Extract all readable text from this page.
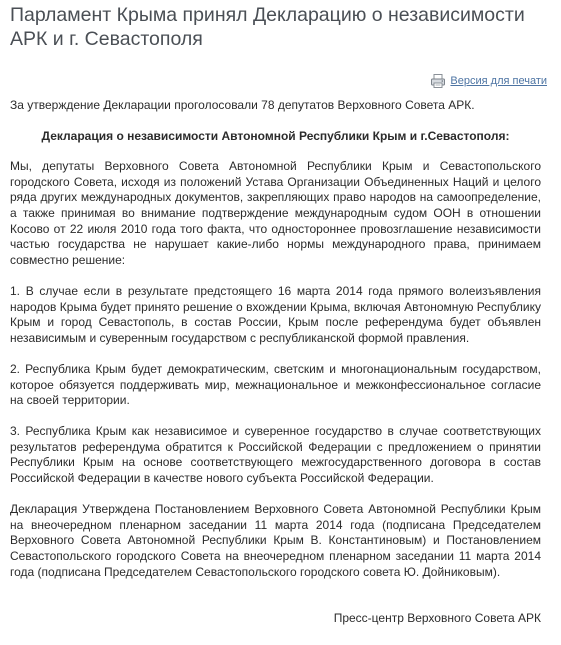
Парламент Крыма принял Декларацию о независимости АРК и г. Севастополя
Версия для печати

За утверждение Декларации проголосовали 78 депутатов Верховного Совета АРК.

Декларация о независимости Автономной Республики Крым и г.Севастополя:

Мы, депутаты Верховного Совета Автономной Республики Крым и Севастопольского городского Совета, исходя из положений Устава Организации Объединенных Наций и целого ряда других международных документов, закрепляющих право народов на самоопределение, а также принимая во внимание подтверждение международным судом ООН в отношении Косово от 22 июля 2010 года того факта, что одностороннее провозглашение независимости частью государства не нарушает какие-либо нормы международного права, принимаем совместно решение:

1. В случае если в результате предстоящего 16 марта 2014 года прямого волеизъявления народов Крыма будет принято решение о вхождении Крыма, включая Автономную Республику Крым и город Севастополь, в состав России, Крым после референдума будет объявлен независимым и суверенным государством с республиканской формой правления.

2. Республика Крым будет демократическим, светским и многонациональным государством, которое обязуется поддерживать мир, межнациональное и межконфессиональное согласие на своей территории.

3. Республика Крым как независимое и суверенное государство в случае соответствующих результатов референдума обратится к Российской Федерации с предложением о принятии Республики Крым на основе соответствующего межгосударственного договора в состав Российской Федерации в качестве нового субъекта Российской Федерации.

Декларация Утверждена Постановлением Верховного Совета Автономной Республики Крым на внеочередном пленарном заседании 11 марта 2014 года (подписана Председателем Верховного Совета Автономной Республики Крым В. Константиновым) и Постановлением Севастопольского городского Совета на внеочередном пленарном заседании 11 марта 2014 года (подписана Председателем Севастопольского городского совета Ю. Дойниковым).

Пресс-центр Верховного Совета АРК
